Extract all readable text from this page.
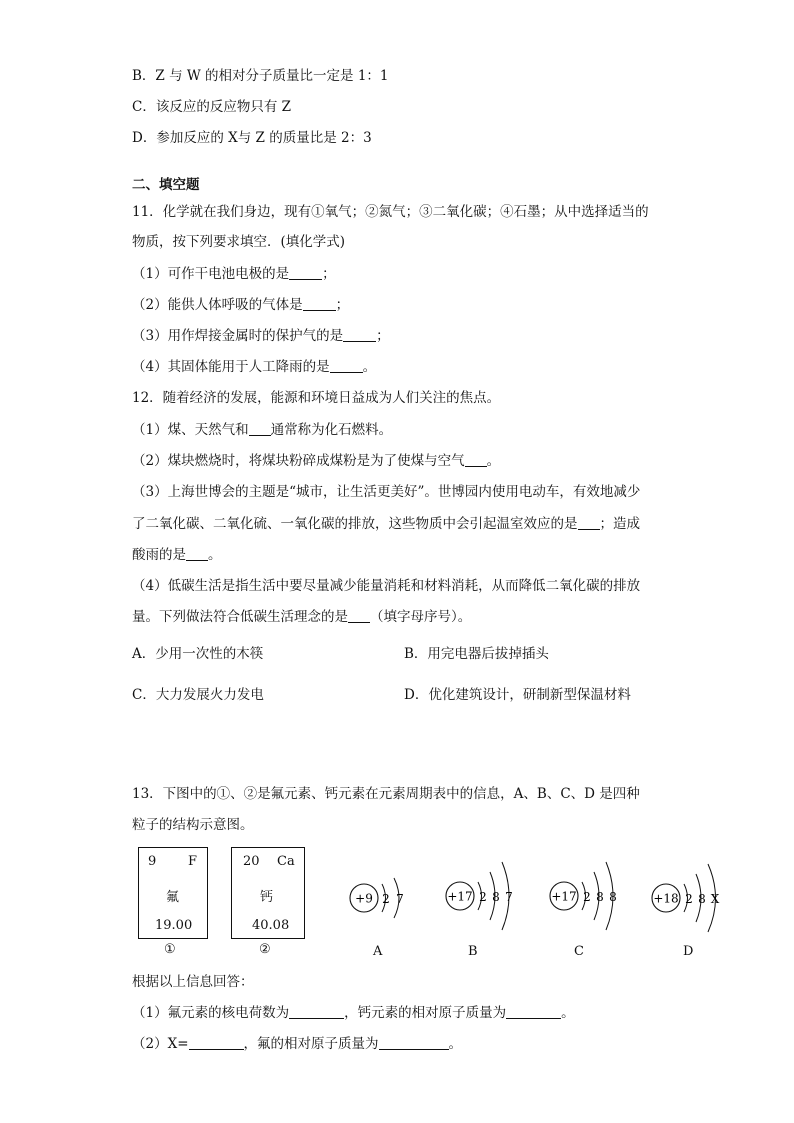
B．Z 与 W 的相对分子质量比一定是 1：1
C．该反应的反应物只有 Z
D．参加反应的 X与 Z 的质量比是 2：3
二、填空题
11．化学就在我们身边，现有①氧气；②氮气；③二氧化碳；④石墨；从中选择适当的
物质，按下列要求填空．(填化学式)
（1）可作干电池电极的是 ；
（2）能供人体呼吸的气体是 ；
（3）用作焊接金属时的保护气的是 ；
（4）其固体能用于人工降雨的是 。
12．随着经济的发展，能源和环境日益成为人们关注的焦点。
（1）煤、天然气和 通常称为化石燃料。
（2）煤块燃烧时，将煤块粉碎成煤粉是为了使煤与空气 。
（3）上海世博会的主题是“城市，让生活更美好”。世博园内使用电动车，有效地减少
了二氧化碳、二氧化硫、一氧化碳的排放，这些物质中会引起温室效应的是 ；造成
酸雨的是 。
（4）低碳生活是指生活中要尽量减少能量消耗和材料消耗，从而降低二氧化碳的排放
量。下列做法符合低碳生活理念的是 （填字母序号）。
A．少用一次性的木筷	B．用完电器后拔掉插头
C．大力发展火力发电	D．优化建筑设计，研制新型保温材料
13．下图中的①、②是氟元素、钙元素在元素周期表中的信息，A、B、C、D 是四种
粒子的结构示意图。
9 F
氟
19.00
①
20 Ca
钙
40.08
②
+9 2 7
A
+17 2 8 7
B
+17 2 8 8
C
+18 2 8 X
D
根据以上信息回答：
（1）氟元素的核电荷数为	，钙元素的相对原子质量为	。
（2）X=	，氟的相对原子质量为	。
